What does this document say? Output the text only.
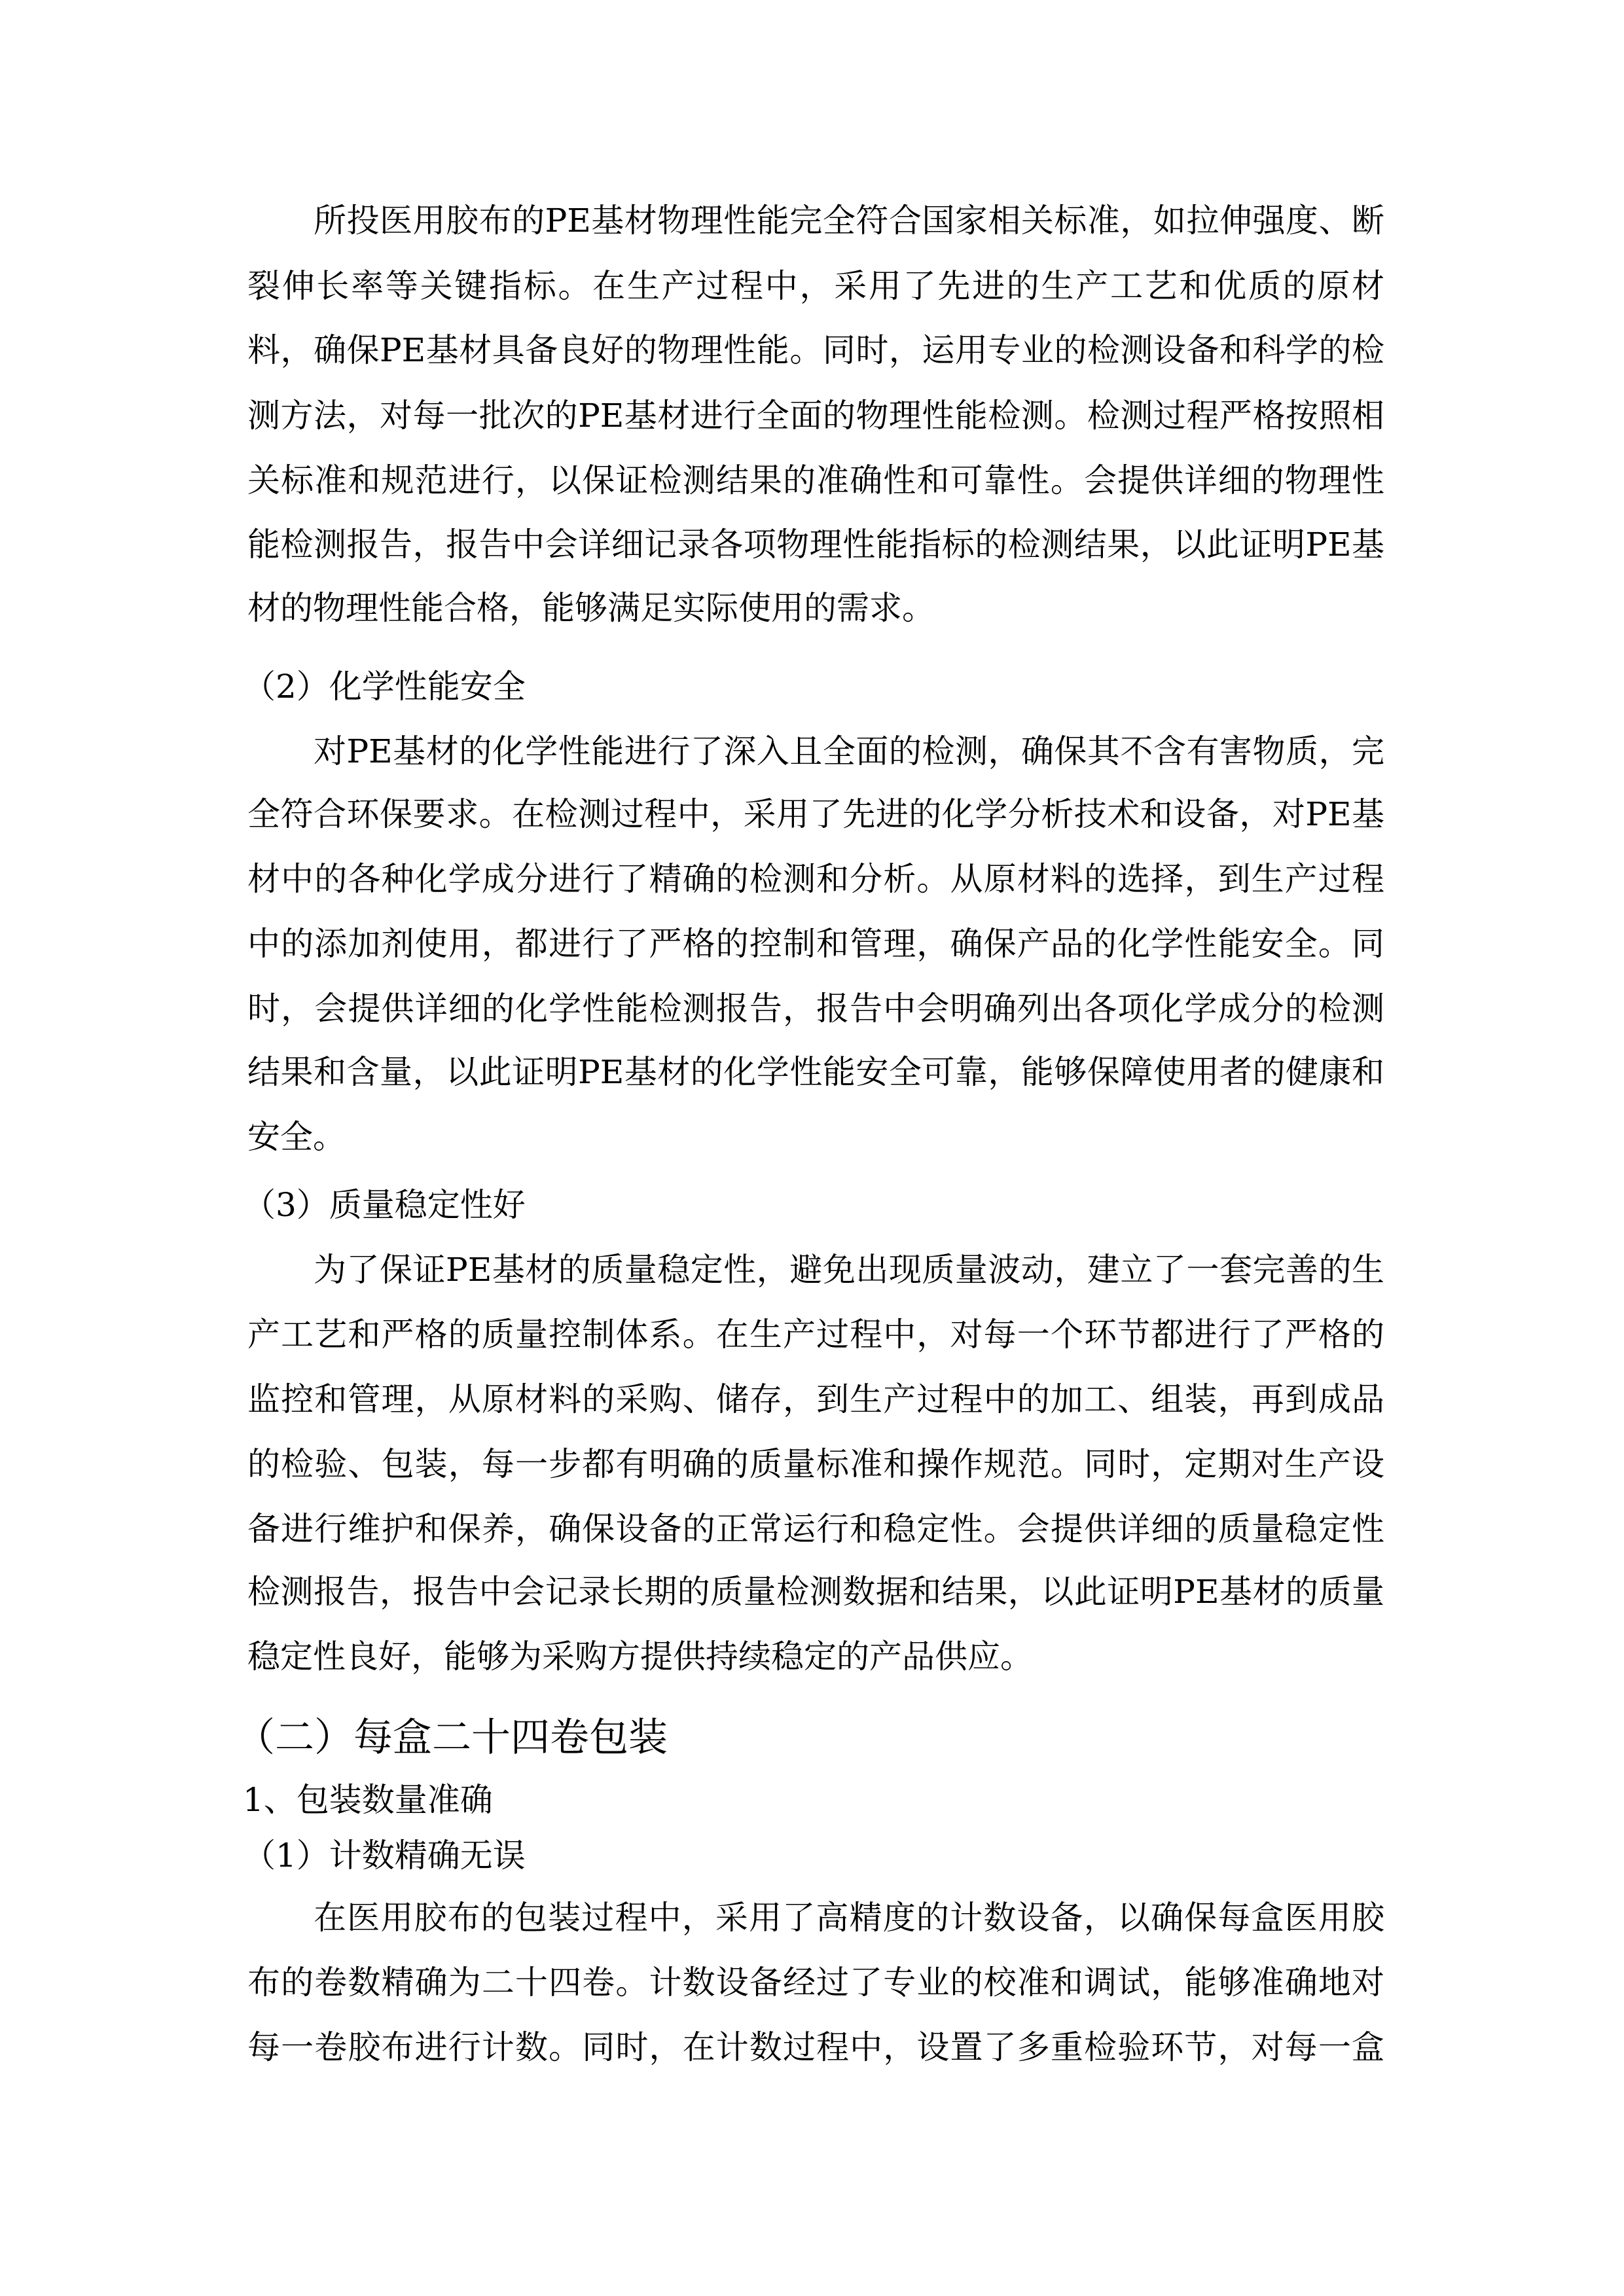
所投医用胶布的PE基材物理性能完全符合国家相关标准，如拉伸强度、断
裂伸长率等关键指标。在生产过程中，采用了先进的生产工艺和优质的原材
料，确保PE基材具备良好的物理性能。同时，运用专业的检测设备和科学的检
测方法，对每一批次的PE基材进行全面的物理性能检测。检测过程严格按照相
关标准和规范进行，以保证检测结果的准确性和可靠性。会提供详细的物理性
能检测报告，报告中会详细记录各项物理性能指标的检测结果，以此证明PE基
材的物理性能合格，能够满足实际使用的需求。
（2）化学性能安全
对PE基材的化学性能进行了深入且全面的检测，确保其不含有害物质，完
全符合环保要求。在检测过程中，采用了先进的化学分析技术和设备，对PE基
材中的各种化学成分进行了精确的检测和分析。从原材料的选择，到生产过程
中的添加剂使用，都进行了严格的控制和管理，确保产品的化学性能安全。同
时，会提供详细的化学性能检测报告，报告中会明确列出各项化学成分的检测
结果和含量，以此证明PE基材的化学性能安全可靠，能够保障使用者的健康和
安全。
（3）质量稳定性好
为了保证PE基材的质量稳定性，避免出现质量波动，建立了一套完善的生
产工艺和严格的质量控制体系。在生产过程中，对每一个环节都进行了严格的
监控和管理，从原材料的采购、储存，到生产过程中的加工、组装，再到成品
的检验、包装，每一步都有明确的质量标准和操作规范。同时，定期对生产设
备进行维护和保养，确保设备的正常运行和稳定性。会提供详细的质量稳定性
检测报告，报告中会记录长期的质量检测数据和结果，以此证明PE基材的质量
稳定性良好，能够为采购方提供持续稳定的产品供应。
（二）每盒二十四卷包装
1、包装数量准确
（1）计数精确无误
在医用胶布的包装过程中，采用了高精度的计数设备，以确保每盒医用胶
布的卷数精确为二十四卷。计数设备经过了专业的校准和调试，能够准确地对
每一卷胶布进行计数。同时，在计数过程中，设置了多重检验环节，对每一盒
